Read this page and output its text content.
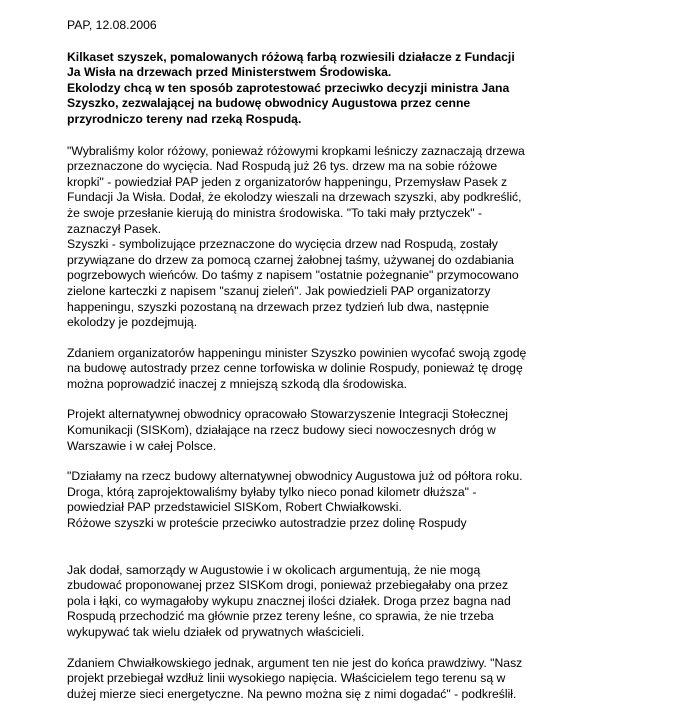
PAP, 12.08.2006
Kilkaset szyszek, pomalowanych różową farbą rozwiesili działacze z Fundacji
Ja Wisła na drzewach przed Ministerstwem Środowiska.
Ekolodzy chcą w ten sposób zaprotestować przeciwko decyzji ministra Jana
Szyszko, zezwalającej na budowę obwodnicy Augustowa przez cenne
przyrodniczo tereny nad rzeką Rospudą.
"Wybraliśmy kolor różowy, ponieważ różowymi kropkami leśniczy zaznaczają drzewa
przeznaczone do wycięcia. Nad Rospudą już 26 tys. drzew ma na sobie różowe
kropki" - powiedział PAP jeden z organizatorów happeningu, Przemysław Pasek z
Fundacji Ja Wisła. Dodał, że ekolodzy wieszali na drzewach szyszki, aby podkreślić,
że swoje przesłanie kierują do ministra środowiska. "To taki mały prztyczek" -
zaznaczył Pasek.
Szyszki - symbolizujące przeznaczone do wycięcia drzew nad Rospudą, zostały
przywiązane do drzew za pomocą czarnej żałobnej taśmy, używanej do ozdabiania
pogrzebowych wieńców. Do taśmy z napisem "ostatnie pożegnanie" przymocowano
zielone karteczki z napisem "szanuj zieleń". Jak powiedzieli PAP organizatorzy
happeningu, szyszki pozostaną na drzewach przez tydzień lub dwa, następnie
ekolodzy je pozdejmują.
Zdaniem organizatorów happeningu minister Szyszko powinien wycofać swoją zgodę
na budowę autostrady przez cenne torfowiska w dolinie Rospudy, ponieważ tę drogę
można poprowadzić inaczej z mniejszą szkodą dla środowiska.
Projekt alternatywnej obwodnicy opracowało Stowarzyszenie Integracji Stołecznej
Komunikacji (SISKom), działające na rzecz budowy sieci nowoczesnych dróg w
Warszawie i w całej Polsce.
"Działamy na rzecz budowy alternatywnej obwodnicy Augustowa już od półtora roku.
Droga, którą zaprojektowaliśmy byłaby tylko nieco ponad kilometr dłuższa" -
powiedział PAP przedstawiciel SISKom, Robert Chwiałkowski.
Różowe szyszki w proteście przeciwko autostradzie przez dolinę Rospudy
Jak dodał, samorządy w Augustowie i w okolicach argumentują, że nie mogą
zbudować proponowanej przez SISKom drogi, ponieważ przebiegałaby ona przez
pola i łąki, co wymagałoby wykupu znacznej ilości działek. Droga przez bagna nad
Rospudą przechodzić ma głównie przez tereny leśne, co sprawia, że nie trzeba
wykupywać tak wielu działek od prywatnych właścicieli.
Zdaniem Chwiałkowskiego jednak, argument ten nie jest do końca prawdziwy. "Nasz
projekt przebiegał wzdłuż linii wysokiego napięcia. Właścicielem tego terenu są w
dużej mierze sieci energetyczne. Na pewno można się z nimi dogadać" - podkreślił.
